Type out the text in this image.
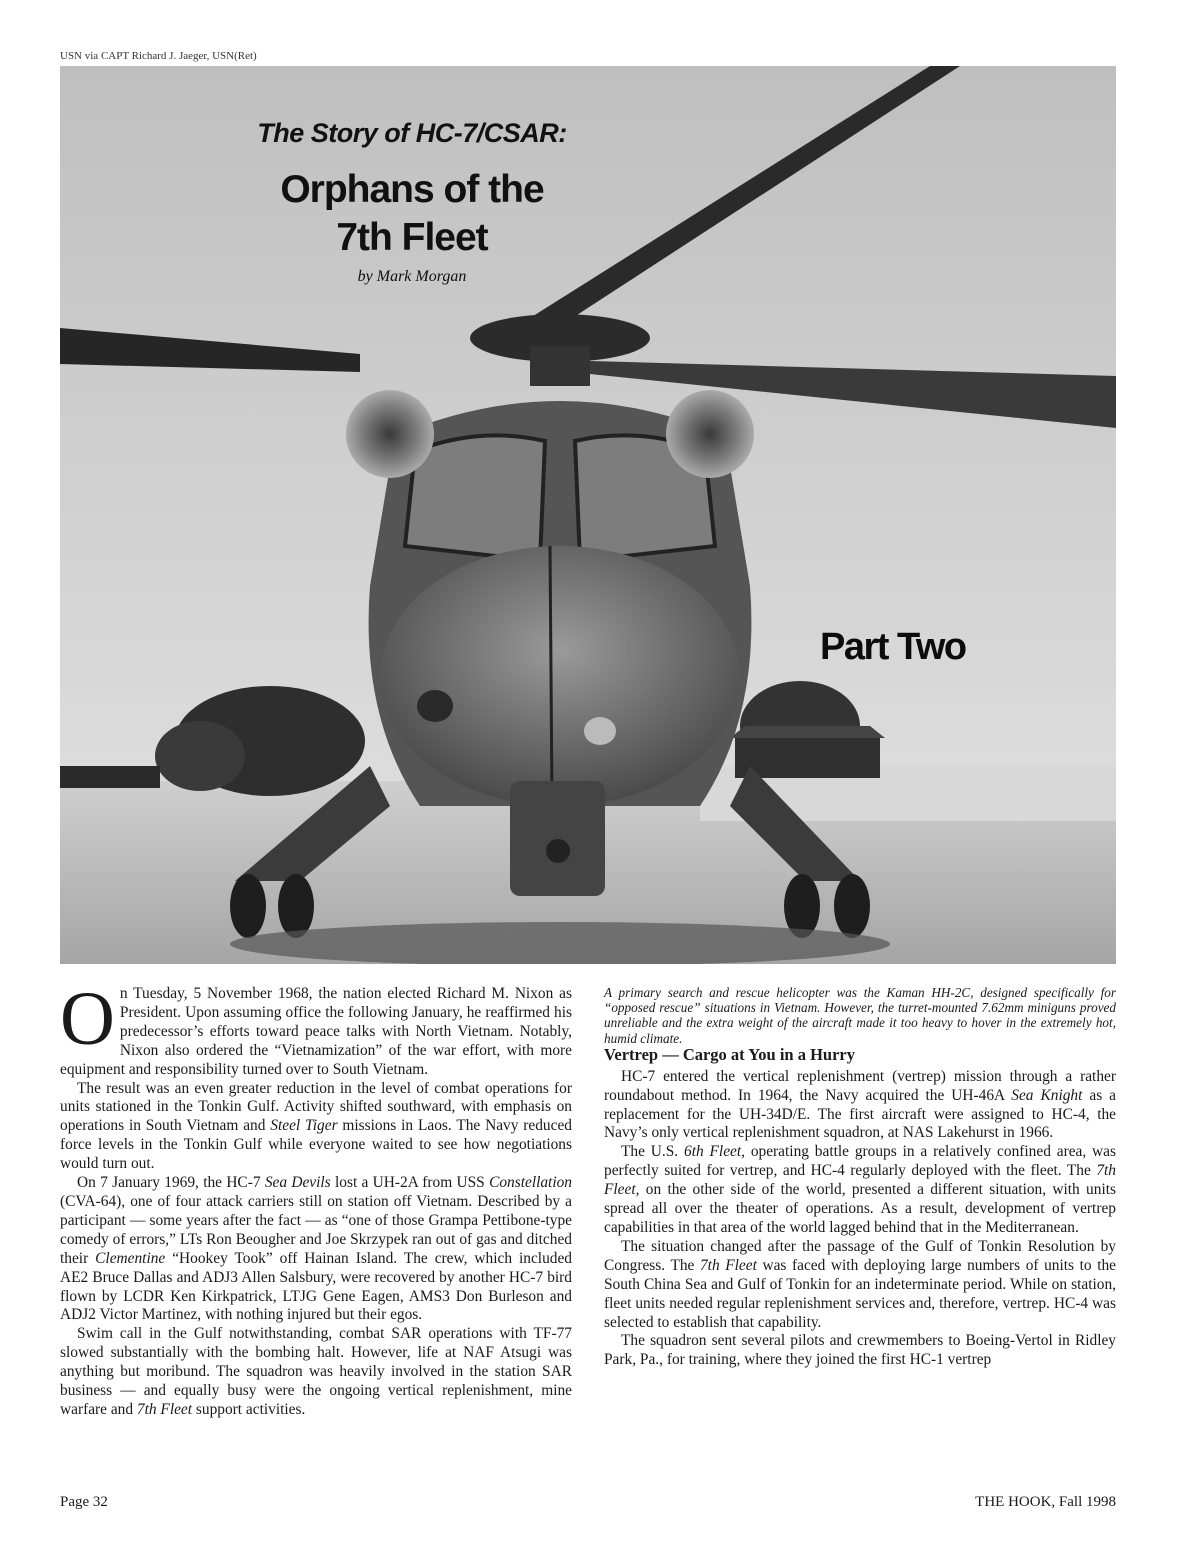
USN via CAPT Richard J. Jaeger, USN(Ret)
The Story of HC-7/CSAR:
Orphans of the
7th Fleet
by Mark Morgan
Part Two

On Tuesday, 5 November 1968, the nation elected Richard M. Nixon as President. Upon assuming office the following January, he reaffirmed his predecessor’s efforts toward peace talks with North Vietnam. Notably, Nixon also ordered the “Vietnamization” of the war effort, with more equipment and responsibility turned over to South Vietnam.

The result was an even greater reduction in the level of combat operations for units stationed in the Tonkin Gulf. Activity shifted southward, with emphasis on operations in South Vietnam and Steel Tiger missions in Laos. The Navy reduced force levels in the Tonkin Gulf while everyone waited to see how negotiations would turn out.

On 7 January 1969, the HC-7 Sea Devils lost a UH-2A from USS Constellation (CVA-64), one of four attack carriers still on station off Vietnam. Described by a participant — some years after the fact — as “one of those Grampa Pettibone-type comedy of errors,” LTs Ron Beougher and Joe Skrzypek ran out of gas and ditched their Clementine “Hookey Took” off Hainan Island. The crew, which included AE2 Bruce Dallas and ADJ3 Allen Salsbury, were recovered by another HC-7 bird flown by LCDR Ken Kirkpatrick, LTJG Gene Eagen, AMS3 Don Burleson and ADJ2 Victor Martinez, with nothing injured but their egos.

Swim call in the Gulf notwithstanding, combat SAR operations with TF-77 slowed substantially with the bombing halt. However, life at NAF Atsugi was anything but moribund. The squadron was heavily involved in the station SAR business — and equally busy were the ongoing vertical replenishment, mine warfare and 7th Fleet support activities.

A primary search and rescue helicopter was the Kaman HH-2C, designed specifically for “opposed rescue” situations in Vietnam. However, the turret-mounted 7.62mm miniguns proved unreliable and the extra weight of the aircraft made it too heavy to hover in the extremely hot, humid climate.

Vertrep — Cargo at You in a Hurry

HC-7 entered the vertical replenishment (vertrep) mission through a rather roundabout method. In 1964, the Navy acquired the UH-46A Sea Knight as a replacement for the UH-34D/E. The first aircraft were assigned to HC-4, the Navy’s only vertical replenishment squadron, at NAS Lakehurst in 1966.

The U.S. 6th Fleet, operating battle groups in a relatively confined area, was perfectly suited for vertrep, and HC-4 regularly deployed with the fleet. The 7th Fleet, on the other side of the world, presented a different situation, with units spread all over the theater of operations. As a result, development of vertrep capabilities in that area of the world lagged behind that in the Mediterranean.

The situation changed after the passage of the Gulf of Tonkin Resolution by Congress. The 7th Fleet was faced with deploying large numbers of units to the South China Sea and Gulf of Tonkin for an indeterminate period. While on station, fleet units needed regular replenishment services and, therefore, vertrep. HC-4 was selected to establish that capability.

The squadron sent several pilots and crewmembers to Boeing-Vertol in Ridley Park, Pa., for training, where they joined the first HC-1 vertrep

Page 32	THE HOOK, Fall 1998
